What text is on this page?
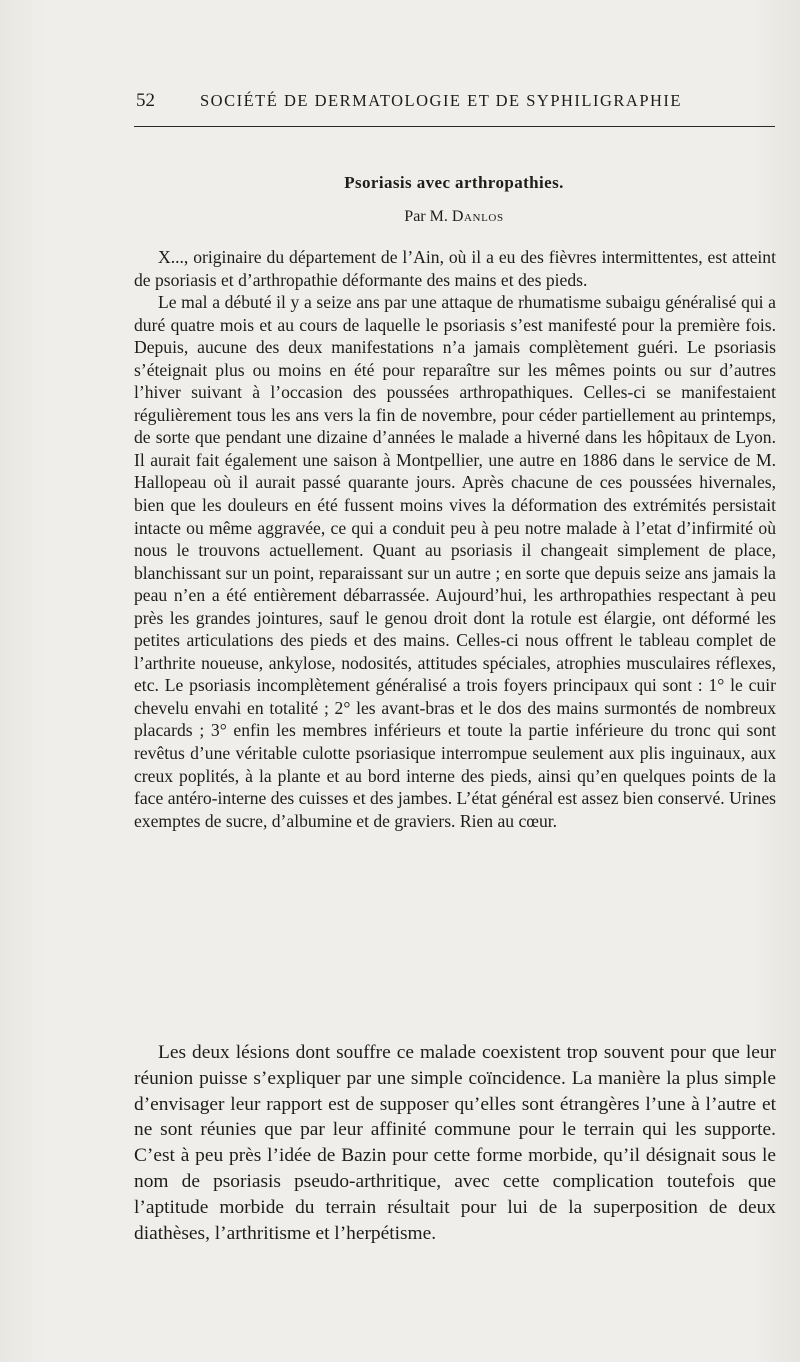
52	SOCIÉTÉ DE DERMATOLOGIE ET DE SYPHILIGRAPHIE
Psoriasis avec arthropathies.
Par M. Danlos

X..., originaire du département de l’Ain, où il a eu des fièvres intermittentes, est atteint de psoriasis et d’arthropathie déformante des mains et des pieds.

Le mal a débuté il y a seize ans par une attaque de rhumatisme subaigu généralisé qui a duré quatre mois et au cours de laquelle le psoriasis s’est manifesté pour la première fois. Depuis, aucune des deux manifestations n’a jamais complètement guéri. Le psoriasis s’éteignait plus ou moins en été pour reparaître sur les mêmes points ou sur d’autres l’hiver suivant à l’occasion des poussées arthropathiques. Celles-ci se manifestaient régulièrement tous les ans vers la fin de novembre, pour céder partiellement au printemps, de sorte que pendant une dizaine d’années le malade a hiverné dans les hôpitaux de Lyon. Il aurait fait également une saison à Montpellier, une autre en 1886 dans le service de M. Hallopeau où il aurait passé quarante jours. Après chacune de ces poussées hivernales, bien que les douleurs en été fussent moins vives la déformation des extrémités persistait intacte ou même aggravée, ce qui a conduit peu à peu notre malade à l’etat d’infirmité où nous le trouvons actuellement. Quant au psoriasis il changeait simplement de place, blanchissant sur un point, reparaissant sur un autre ; en sorte que depuis seize ans jamais la peau n’en a été entièrement débarrassée. Aujourd’hui, les arthropathies respectant à peu près les grandes jointures, sauf le genou droit dont la rotule est élargie, ont déformé les petites articulations des pieds et des mains. Celles-ci nous offrent le tableau complet de l’arthrite noueuse, ankylose, nodosités, attitudes spéciales, atrophies musculaires réflexes, etc. Le psoriasis incomplètement généralisé a trois foyers principaux qui sont : 1° le cuir chevelu envahi en totalité ; 2° les avant-bras et le dos des mains surmontés de nombreux placards ; 3° enfin les membres inférieurs et toute la partie inférieure du tronc qui sont revêtus d’une véritable culotte psoriasique interrompue seulement aux plis inguinaux, aux creux poplités, à la plante et au bord interne des pieds, ainsi qu’en quelques points de la face antéro-interne des cuisses et des jambes. L’état général est assez bien conservé. Urines exemptes de sucre, d’albumine et de graviers. Rien au cœur.

Les deux lésions dont souffre ce malade coexistent trop souvent pour que leur réunion puisse s’expliquer par une simple coïncidence. La manière la plus simple d’envisager leur rapport est de supposer qu’elles sont étrangères l’une à l’autre et ne sont réunies que par leur affinité commune pour le terrain qui les supporte. C’est à peu près l’idée de Bazin pour cette forme morbide, qu’il désignait sous le nom de psoriasis pseudo-arthritique, avec cette complication toutefois que l’aptitude morbide du terrain résultait pour lui de la superposition de deux diathèses, l’arthritisme et l’herpétisme.
